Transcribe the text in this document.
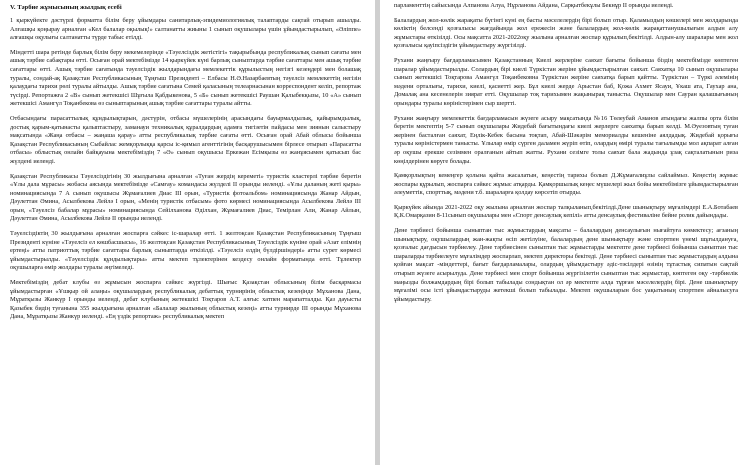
V. Тәрбие жұмысының жылдық есебі

1 қыркүйекте дәстүрлі форматта білім беру ұйымдары санитарлық-эпидемиологиялық талаптарды сақтай отырып ашылды. Алғашқы қоңырау арналған «Кел балалар оқылық!» салтанатты жиыны 1 сынып оқушылары үшін ұйымдастырылып, «Әліппе» алғашқы оқулығы салтанатты түрде табыс етілді.

Міндетті шара ретінде барлық білім беру мекемелерінде «Тәуелсіздік жетістігі» тақырыбында республикалық сынып сағаты мен ашық тәрбие сабақтары өтті. Осыған орай мектебімізде 14 қыркүйек күні барлық сыныптарда тәрбие сағаттары мен ашық тәрбие сағаттары өтті. Ашық тәрбие сағатында тәуелсіздік жылдарындағы мемлекеттік құрылыстың негізгі кезеңдері мен болашақ туралы, сондай-ақ Қазақстан Республикасының Тұңғыш Президенті – Елбасы Н.Ә.Назарбаевтың тәуелсіз мемлекеттің негізін қалаудағы тарихи рөлі туралы айтылды. Ашық тәрбие сағатына Семей қаласының телеарнасынан корреспондент келіп, репортаж түсірді. Репортажға 2 «В» сынып жетекшісі Шұғыла Қабдыкенова, 5 «Б» сынып жетекшісі Раушан Қалыбекқызы, 10 «А» сынып жетекшісі Амангүл Тоқанбекова өз сыныптарының ашық тәрбие сағаттары туралы айтты.

Отбасындағы парасаттылық құндылықтарын, дәстүрін, отбасы мүшелерінің арасындағы бауырмалдылық, қайырымдылық, достық қарым-қатынасты қалыптастыру, заманауи техникалық құралдардың адамға тигізетін пайдасы мен зиянын салыстыру мақсатында «Жаңа отбасы – жаңаша қарау» атты республикалық тәрбие сағаты өтті. Осыған орай Абай облысы бойынша Қазақстан Республикасының Сыбайлас жемқорлыққа қарсы іс-қимыл агенттігінің басқарушысымен бірлесе отырып «Парасатты отбасы» облыстық онлайн байқауына мектебіміздің 7 «Ә» сынып оқушысы Еркежан Есімқызы өз жанұясымен қатысып бас жүлдені иеленді.

Қазақстан Республикасы Тәуелсіздігінің 30 жылдығына арналған «Туған жердің кереметі» туристік кластерлі тәрбие беретін «Ұлы дала мұрасы» жобасы аясында мектебімізде «Самғау» командасы жүлделі ІІ орынды иеленді. «Ұлы даланың жеті қыры» номинациясында 7 А сынып оқушысы Жұмағалиев Диас ІІІ орын, «Туристік фотоальбом» номинациясында Жанар Айдын, Дәулеттан Әмина, Асылбекова Лейлә І орын, «Менің туристік отбасым» фото көрмесі номинациясында Асылбекова Лейлә ІІІ орын, «Тәуелсіз бабалар мұрасы» номинациясында Сейілханова Әділхан, Жұмағалиев Диас, Темірлан Али, Жанар Айлын, Дәулеттан Әмина, Асылбекова Лейлә ІІ орынды иеленді.

Тәуелсіздіктің 30 жылдығына арналған жоспарға сәйкес іс-шаралар өтті. 1 желтоқсан Қазақстан Республикасының Тұңғыш Президенті күніне «Тәуелсіз ел көшбасшысы», 16 желтоқсан Қазақстан Республикасының Тәуелсіздік күніне орай «Азат елімнің ертеңі» атты патриоттық тәрбие сағаттары барлық сыныптарда өткізілді. «Тәуелсіз елдің бүлдіршіндері» атты сурет көрмесі ұйымдастырылды. «Тәуелсіздік құндылықтары» атты мектеп тұлектерінен кездесу онлайн форматында өтті. Тұлектер оқушыларға өмір жолдары туралы әңгімеледі.

Мектебіміздің дебат клубы өз жұмысын жоспарға сәйкес жүргізді. Шығыс Қазақстан облысының білім басқармасы ұйымдастырған «Ұшқыр ой алаңы» оқушылардың республикалық дебаттық турнирінің облыстық кезеңінде Мұханова Дана, Мұратқызы Жанкүр І орынды иеленді, дебат клубының жетекшісі Тоқтаров А.Т. алғыс хатпен марапатталды. Қаз дауысты Қазыбек бидің туғанына 355 жылдығына арналған «Балалар жылының облыстық кезеңі» атты турнирде ІІІ орынды Мұханова Дана, Мұратқызы Жанкүр иеленді. «Ең үздік репортаж» республикалық мектеп

парламенттің сайысында Алпанова Алуа, Нұрланова Айдана, Сарқытбекұлы Бекнұр ІІ орынды иеленді.

Балалардың жол-көлік жарақаты бүгінгі күні ең басты мәселелердің бірі болып отыр. Қаламыздың көшелері мен жолдарында көліктің белсенді қозғалысы жағдайында жол ережесін және балалардың жол-көлік жарақаттанушылығын алдын алу жұмыстары өткізілді. Осы мақсатта 2021-2022оқу жылына арналған жоспар құрылып,бекітілді. Алдын-алу шаралары мен жол қозғалысы қауіпсіздігін ұйымдастыру жүргізілді.

Рухани жаңғыру бағдарламасымен Қазақстанның Киелі жерлеріне саяхат бағыты бойынша біздің мектебімізде көптеген шаралар ұйымдастырылды. Солардың бірі киелі Түркістан жеріне ұйымдастырылған саяхат. Саяхатқа 10 сынып оқушылары сынып жетекшісі Тоқтарова Амангүл Тоқанбековна Түркістан жеріне саяхатқа барып қайтты. Түркістан – Түркі әлемінің мәдени орталығы, тарихи, киелі, қасиетті жер. Бұл киелі жерде Арыстан баб, Қожа Ахмет Ясауи, Ұкаш ата, Гаухар ана, Домалақ ана кесенелерін зиярат етті. Оқушылар тоқ тарихымен жақынырақ танысты. Оқушылар мен Сауран қалашығының орындары туралы көріністерімен сыр шертті.

Рухани жаңғыру мемлекеттік бағдарламасын жүзеге асыру мақсатында №16 Төлеубай Аманов атындағы жалпы орта білім беретін мектептің 5-7 сынып оқушылары Жидебай бағытындағы киелі жерлерге саяхатқа барып келді. М.Әуезовтың туған жерінен басталған саяхат, Еңлік-Кебек басына тоқтап, Абай-Шәкәрім мемориалды кешеніне аялдадық. Жидебай қорығы туралы көріністермен танысты. Ұлылар өмір сүрген даламен жүріп өтіп, олардың өмірі туралы тағылымды мол ақпарат алған әр оқушы ерекше сезіммен оралғанын айтып жатты. Рухани сезімге толы саяхат бала жадында ұзақ сақталатынын риза көңілдерінен көруге болады.

Қамқорлықтың кемеңгер қолына қайта жасалатын, кеңестің тарихы болып Д.Жұмағалиұлы сайлаймыз. Кеңестің жұмыс жоспары құрылып, жоспарға сәйкес жұмыс атқарды. Қамқоршылық кеңес мүшелері жыл бойы мектебімізге ұйымдастырылған әлеуметтік, спорттық, мәдени т.б. шараларға қолдау көрсетіп отырды.

Қыркүйек айында 2021-2022 оқу жылына арналған жоспар талқыланып,бекітілді.Дене шынықтыру мұғалімдері Е.А.Ботабаев Қ.К.Омарқазин 8-11сынып оқушылары мен «Спорт денсаулық кепілі» атты денсаулық фестиваліне бейне ролик дайындады.

Дене тәрбиесі бойынша сыныптан тыс жұмыстардың мақсаты – балалардың денсаулығын нығайтуға көмектесу; ағзаның шынықтыру, оқушылардың жан-жақты өсіп жетілуіне, балалардың дене шынықтыру және спортпен үнемі шұғылдануға, қозғалыс дағдысын тәрбиелеу. Дене тәрбиесінен сыныптан тыс жұмыстарды мектепте дене тәрбиесі бойынша сыныптан тыс шараларды тәрбиелеуге мұғалімдер жоспарлап, мектеп директоры бекітеді. Дене тәрбиесі сыныптан тыс жұмыстардың алдына қойған мақсат -міндеттері, бағыт бағдарламалары, олардың ұйымдастыру әдіс-тәсілдері өзінің тұтастық сипатын сақтай отырып жүзеге асырылуда. Дене тәрбиесі мен спорт бойынша жүргізілетін сыныптан тыс жұмыстар, көптеген оқу -тәрбиелік маңызды болжамдардың бірі болып табылады сондықтан ол әр мектепте алда тұрған мәселелердің бірі. Дене шынықтыру мұғалімі осы істі ұйымдастыруды жетекші болып табылады. Мектеп оқушыларын бос уақытының спортпен айналысуға ұйымдастыру.
